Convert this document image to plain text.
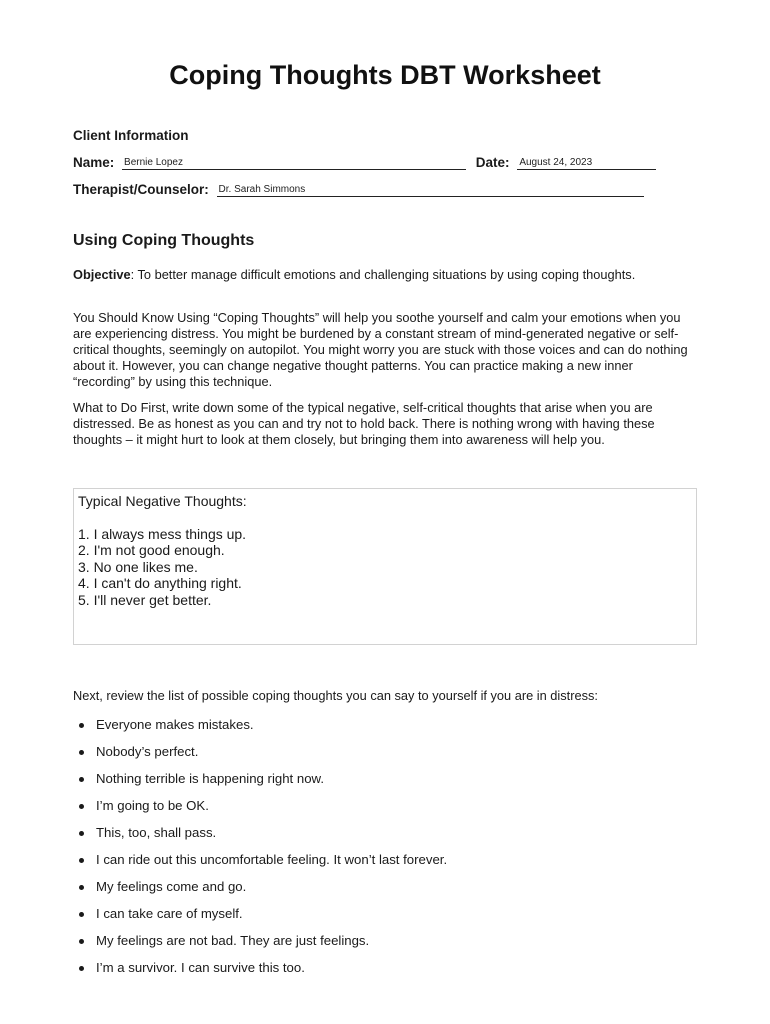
Coping Thoughts DBT Worksheet
Client Information
Name: Bernie Lopez	Date: August 24, 2023
Therapist/Counselor: Dr. Sarah Simmons
Using Coping Thoughts

Objective: To better manage difficult emotions and challenging situations by using coping thoughts.

You Should Know Using “Coping Thoughts” will help you soothe yourself and calm your emotions when you are experiencing distress. You might be burdened by a constant stream of mind-generated negative or self-critical thoughts, seemingly on autopilot. You might worry you are stuck with those voices and can do nothing about it. However, you can change negative thought patterns. You can practice making a new inner “recording” by using this technique.

What to Do First, write down some of the typical negative, self-critical thoughts that arise when you are distressed. Be as honest as you can and try not to hold back. There is nothing wrong with having these thoughts – it might hurt to look at them closely, but bringing them into awareness will help you.

Typical Negative Thoughts:
1. I always mess things up.
2. I'm not good enough.
3. No one likes me.
4. I can't do anything right.
5. I'll never get better.

Next, review the list of possible coping thoughts you can say to yourself if you are in distress:

Everyone makes mistakes.
Nobody’s perfect.
Nothing terrible is happening right now.
I’m going to be OK.
This, too, shall pass.
I can ride out this uncomfortable feeling. It won’t last forever.
My feelings come and go.
I can take care of myself.
My feelings are not bad. They are just feelings.
I’m a survivor. I can survive this too.
